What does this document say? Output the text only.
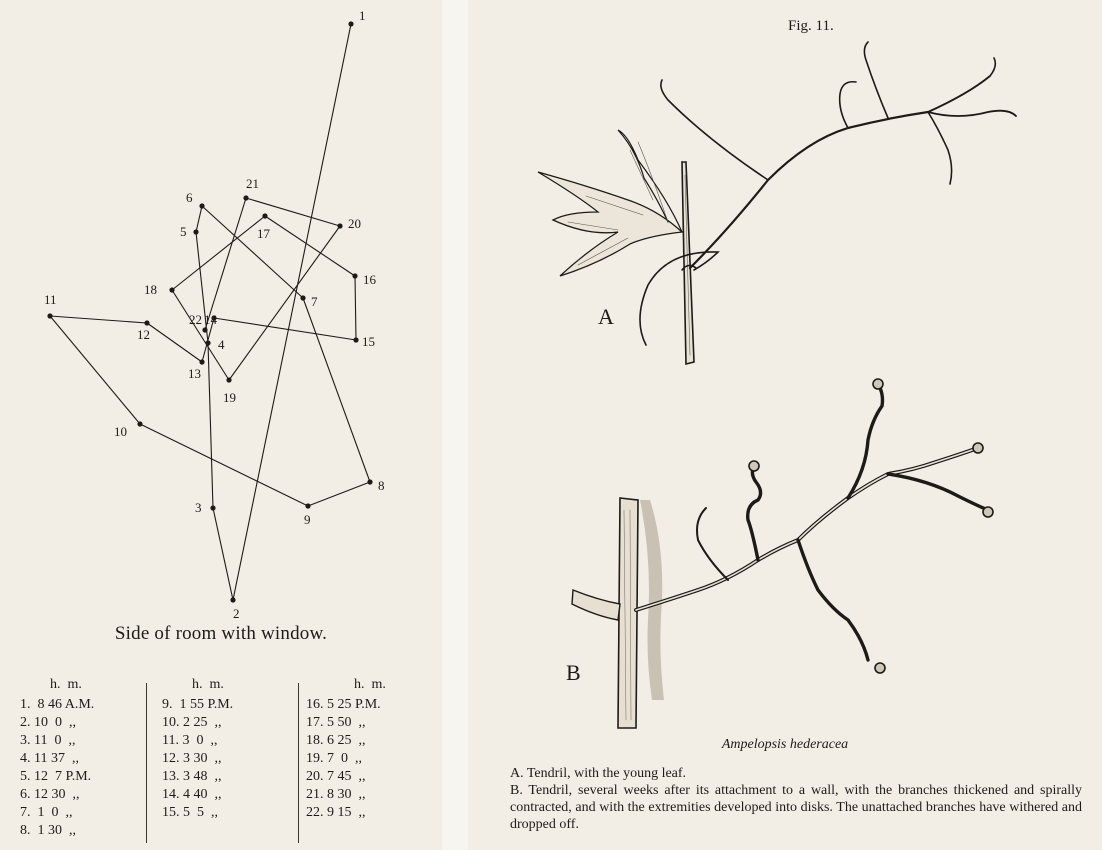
1
2
3
4
5
6
7
8
9
10
11
12
13
14
15
16
17
18
19
20
21
22
Side of room with window.
h.  m.
1.  8 46 A.M.
2. 10  0  ,,
3. 11  0  ,,
4. 11 37  ,,
5. 12  7 P.M.
6. 12 30  ,,
7.  1  0  ,,
8.  1 30  ,,
h.  m.
9.  1 55 P.M.
10. 2 25  ,,
11. 3  0  ,,
12. 3 30  ,,
13. 3 48  ,,
14. 4 40  ,,
15. 5  5  ,,
h.  m.
16. 5 25 P.M.
17. 5 50  ,,
18. 6 25  ,,
19. 7  0  ,,
20. 7 45  ,,
21. 8 30  ,,
22. 9 15  ,,
Fig. 11.
A
B
Ampelopsis hederacea

A. Tendril, with the young leaf.

B. Tendril, several weeks after its attachment to a wall, with the branches thickened and spirally contracted, and with the extremities developed into disks. The unattached branches have withered and dropped off.
